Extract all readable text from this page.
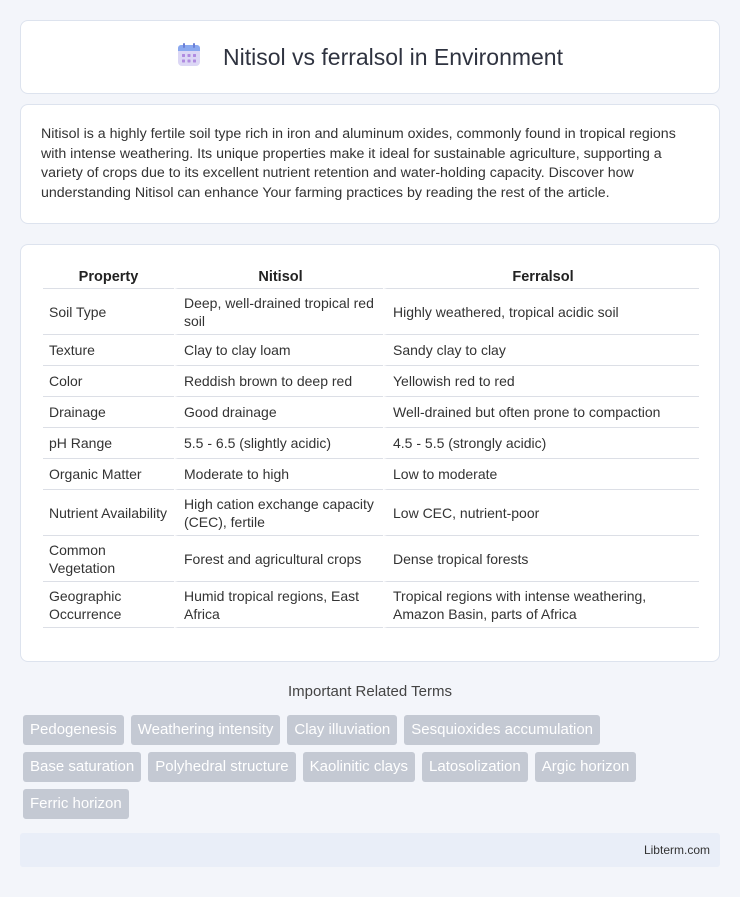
Nitisol vs ferralsol in Environment

Nitisol is a highly fertile soil type rich in iron and aluminum oxides, commonly found in tropical regions with intense weathering. Its unique properties make it ideal for sustainable agriculture, supporting a variety of crops due to its excellent nutrient retention and water-holding capacity. Discover how understanding Nitisol can enhance Your farming practices by reading the rest of the article.

Property	Nitisol	Ferralsol
Soil Type	Deep, well-drained tropical red soil	Highly weathered, tropical acidic soil
Texture	Clay to clay loam	Sandy clay to clay
Color	Reddish brown to deep red	Yellowish red to red
Drainage	Good drainage	Well-drained but often prone to compaction
pH Range	5.5 - 6.5 (slightly acidic)	4.5 - 5.5 (strongly acidic)
Organic Matter	Moderate to high	Low to moderate
Nutrient Availability	High cation exchange capacity (CEC), fertile	Low CEC, nutrient-poor
Common Vegetation	Forest and agricultural crops	Dense tropical forests
Geographic Occurrence	Humid tropical regions, East Africa	Tropical regions with intense weathering, Amazon Basin, parts of Africa
Important Related Terms
Pedogenesis	Weathering intensity	Clay illuviation	Sesquioxides accumulation
Base saturation	Polyhedral structure	Kaolinitic clays	Latosolization	Argic horizon
Ferric horizon
Libterm.com
